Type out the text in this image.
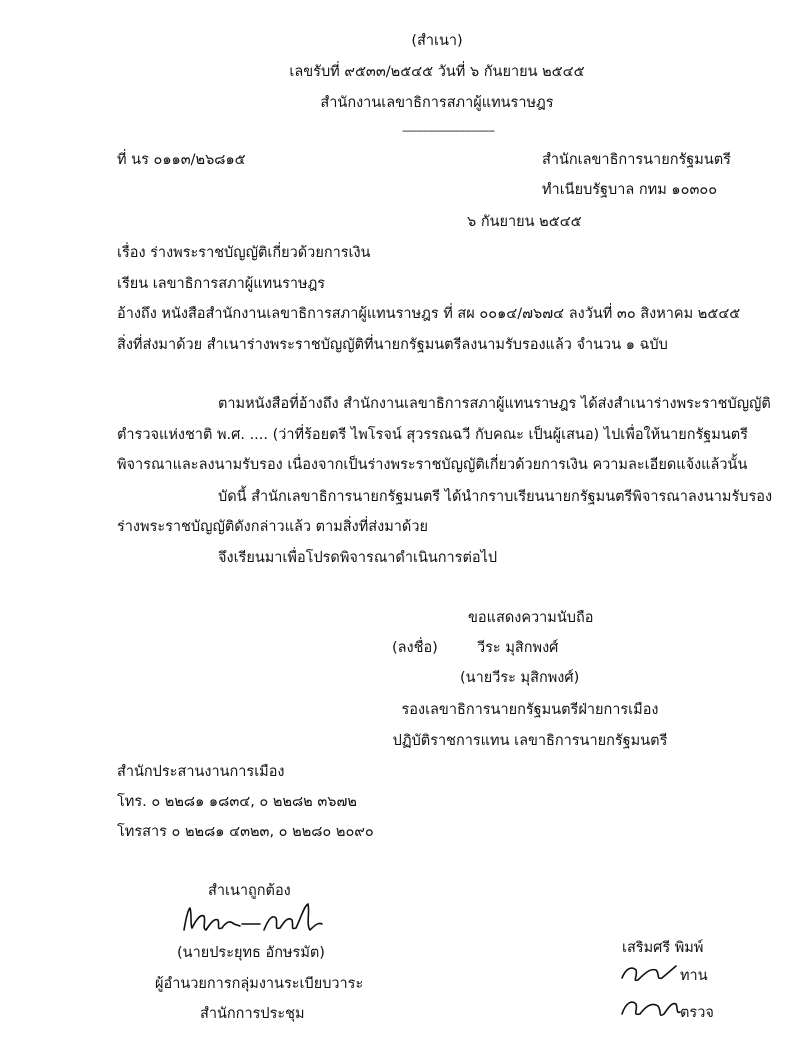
(สำเนา)
เลขรับที่ ๙๕๓๓/๒๕๔๕ วันที่ ๖ กันยายน ๒๕๔๕
สำนักงานเลขาธิการสภาผู้แทนราษฎร
-------------------------------
ที่ นร ๐๑๑๓/๒๖๘๑๕	สำนักเลขาธิการนายกรัฐมนตรี
ทำเนียบรัฐบาล กทม ๑๐๓๐๐
๖ กันยายน ๒๕๔๕
เรื่อง ร่างพระราชบัญญัติเกี่ยวด้วยการเงิน
เรียน เลขาธิการสภาผู้แทนราษฎร
อ้างถึง หนังสือสำนักงานเลขาธิการสภาผู้แทนราษฎร ที่ สผ ๐๐๑๔/๗๖๗๔ ลงวันที่ ๓๐ สิงหาคม ๒๕๔๕
สิ่งที่ส่งมาด้วย สำเนาร่างพระราชบัญญัติที่นายกรัฐมนตรีลงนามรับรองแล้ว จำนวน ๑ ฉบับ
ตามหนังสือที่อ้างถึง สำนักงานเลขาธิการสภาผู้แทนราษฎร ได้ส่งสำเนาร่างพระราชบัญญัติ
ตำรวจแห่งชาติ พ.ศ. .... (ว่าที่ร้อยตรี ไพโรจน์ สุวรรณฉวี กับคณะ เป็นผู้เสนอ) ไปเพื่อให้นายกรัฐมนตรี
พิจารณาและลงนามรับรอง เนื่องจากเป็นร่างพระราชบัญญัติเกี่ยวด้วยการเงิน ความละเอียดแจ้งแล้วนั้น
บัดนี้ สำนักเลขาธิการนายกรัฐมนตรี ได้นำกราบเรียนนายกรัฐมนตรีพิจารณาลงนามรับรอง
ร่างพระราชบัญญัติดังกล่าวแล้ว ตามสิ่งที่ส่งมาด้วย
จึงเรียนมาเพื่อโปรดพิจารณาดำเนินการต่อไป
ขอแสดงความนับถือ
(ลงชื่อ)	วีระ มุสิกพงศ์
(นายวีระ มุสิกพงศ์)
รองเลขาธิการนายกรัฐมนตรีฝ่ายการเมือง
ปฏิบัติราชการแทน เลขาธิการนายกรัฐมนตรี
สำนักประสานงานการเมือง
โทร. ๐ ๒๒๘๑ ๑๘๓๔, ๐ ๒๒๘๒ ๓๖๗๒
โทรสาร ๐ ๒๒๘๑ ๔๓๒๓, ๐ ๒๒๘๐ ๒๐๙๐
สำเนาถูกต้อง
(นายประยุทธ อักษรมัต)
ผู้อำนวยการกลุ่มงานระเบียบวาระ
สำนักการประชุม
เสริมศรี พิมพ์
ทาน
ตรวจ
